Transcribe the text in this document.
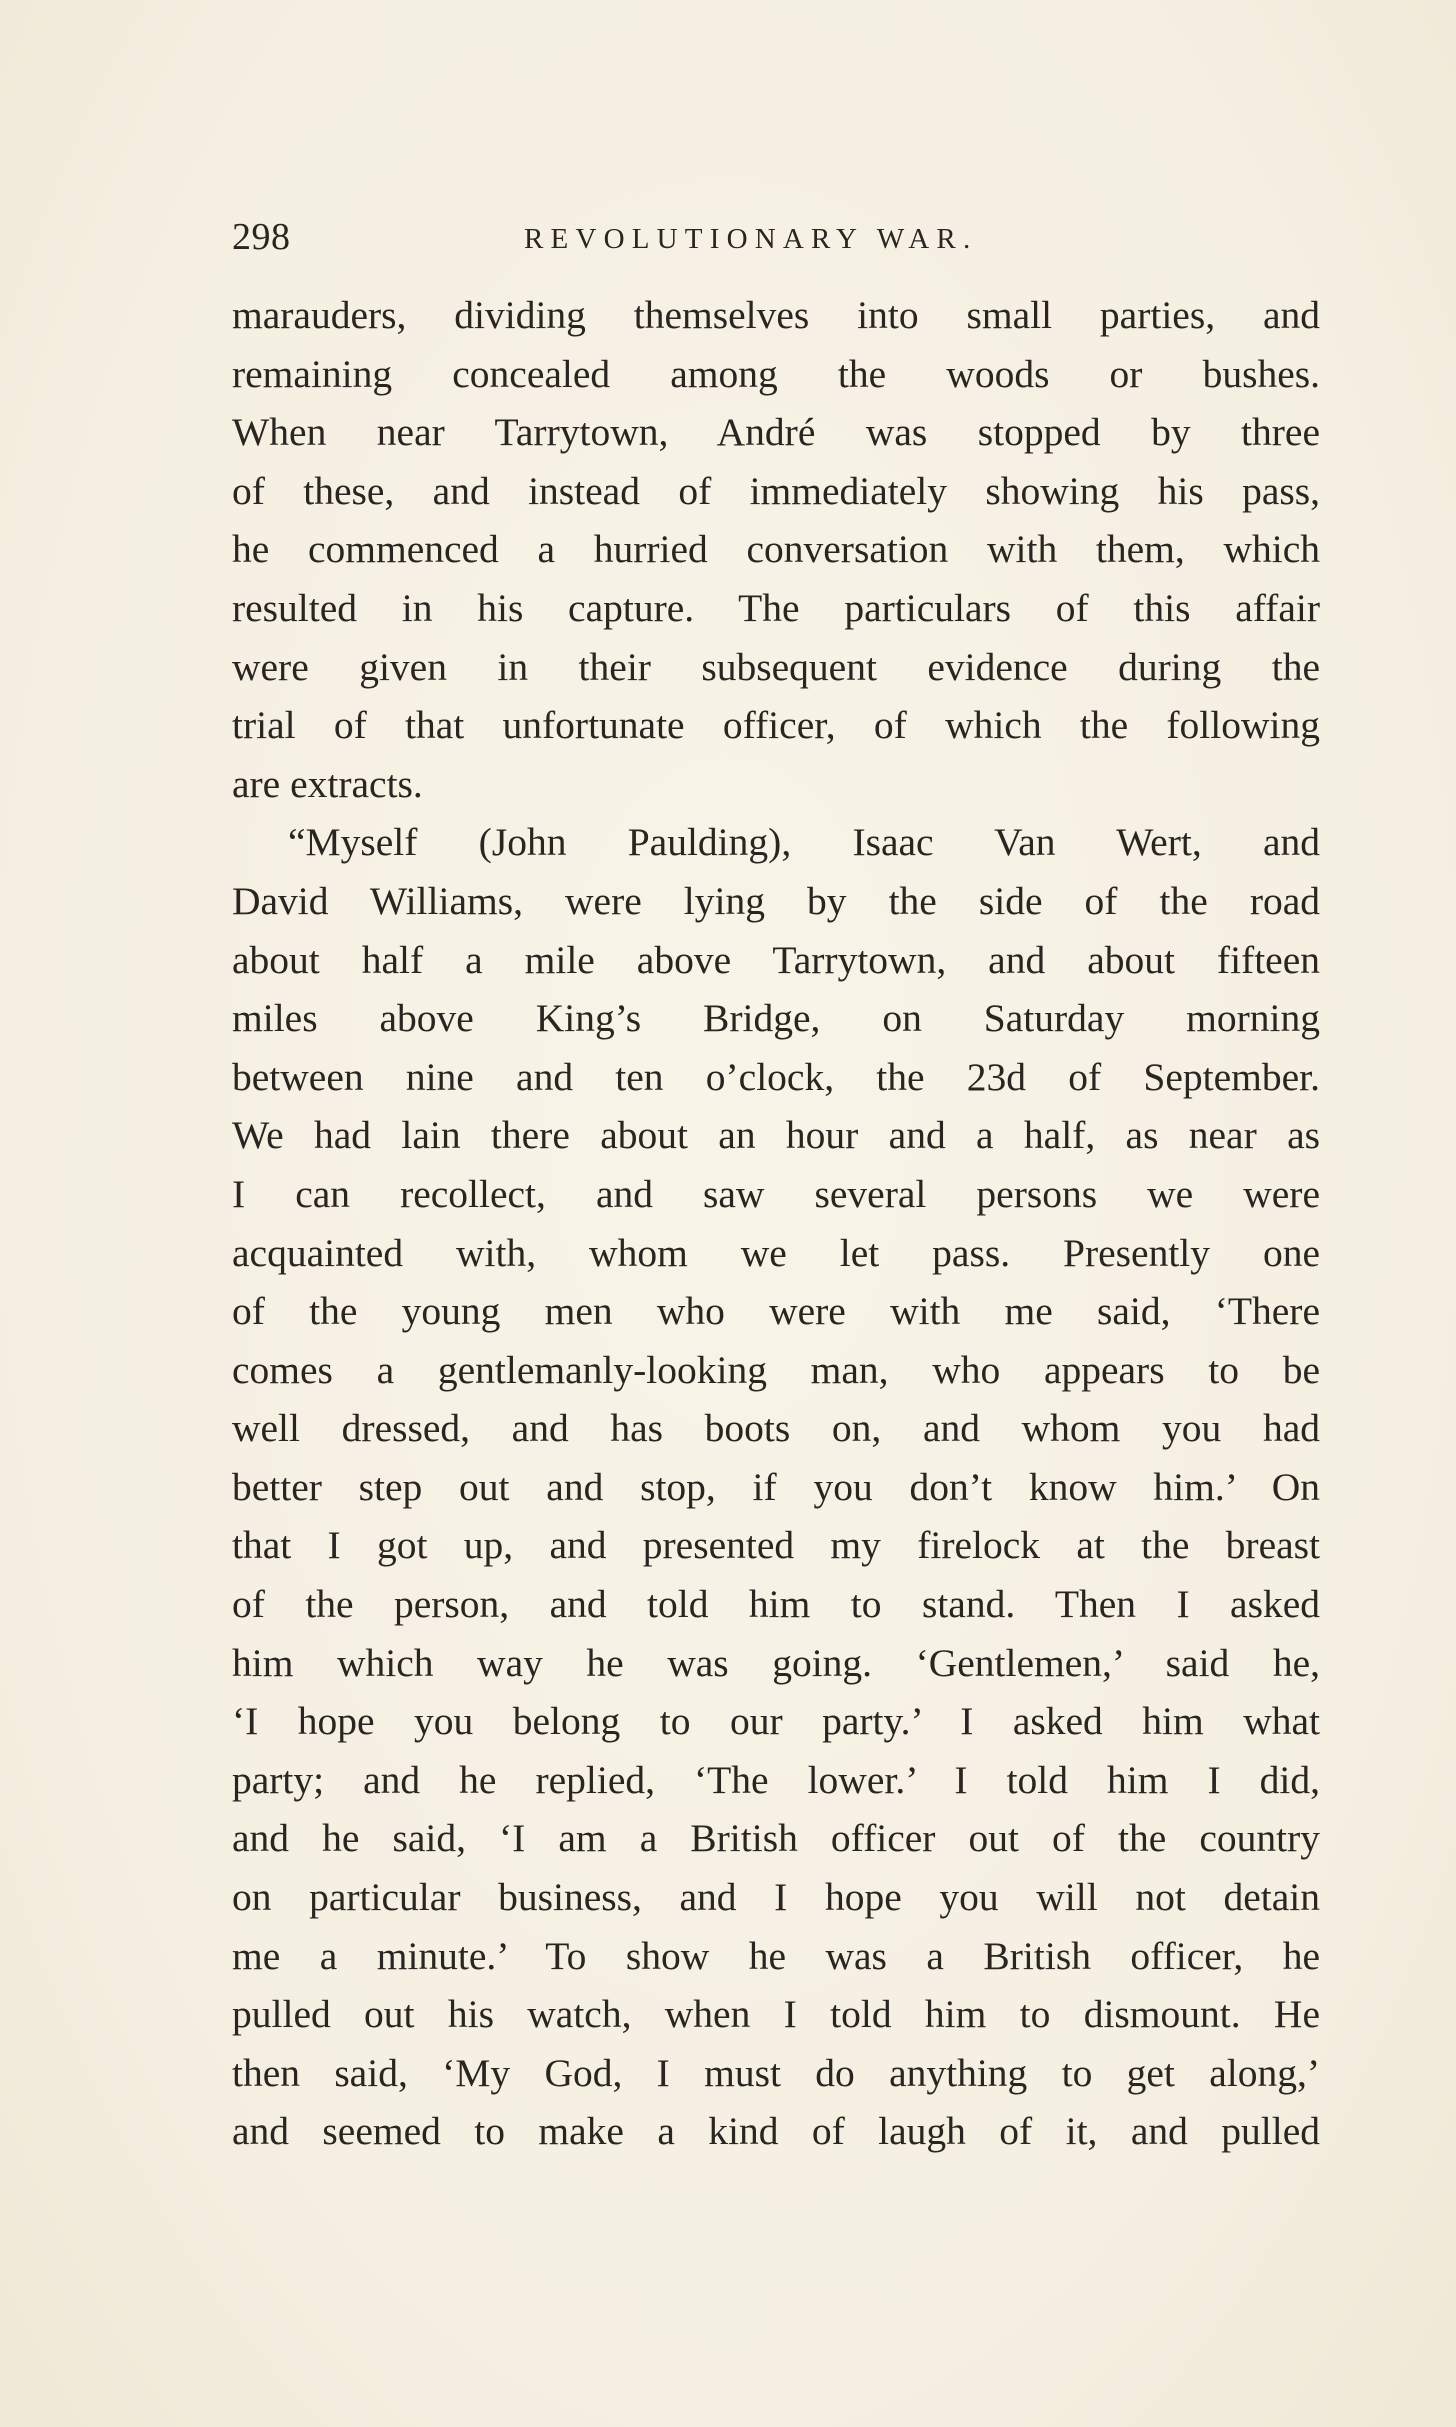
298	REVOLUTIONARY WAR.
marauders, dividing themselves into small parties, and
remaining concealed among the woods or bushes.
When near Tarrytown, André was stopped by three
of these, and instead of immediately showing his pass,
he commenced a hurried conversation with them, which
resulted in his capture. The particulars of this affair
were given in their subsequent evidence during the
trial of that unfortunate officer, of which the following
are extracts.
“Myself (John Paulding), Isaac Van Wert, and
David Williams, were lying by the side of the road
about half a mile above Tarrytown, and about fifteen
miles above King’s Bridge, on Saturday morning
between nine and ten o’clock, the 23d of September.
We had lain there about an hour and a half, as near as
I can recollect, and saw several persons we were
acquainted with, whom we let pass. Presently one
of the young men who were with me said, ‘There
comes a gentlemanly-looking man, who appears to be
well dressed, and has boots on, and whom you had
better step out and stop, if you don’t know him.’ On
that I got up, and presented my firelock at the breast
of the person, and told him to stand. Then I asked
him which way he was going. ‘Gentlemen,’ said he,
‘I hope you belong to our party.’ I asked him what
party; and he replied, ‘The lower.’ I told him I did,
and he said, ‘I am a British officer out of the country
on particular business, and I hope you will not detain
me a minute.’ To show he was a British officer, he
pulled out his watch, when I told him to dismount. He
then said, ‘My God, I must do anything to get along,’
and seemed to make a kind of laugh of it, and pulled
